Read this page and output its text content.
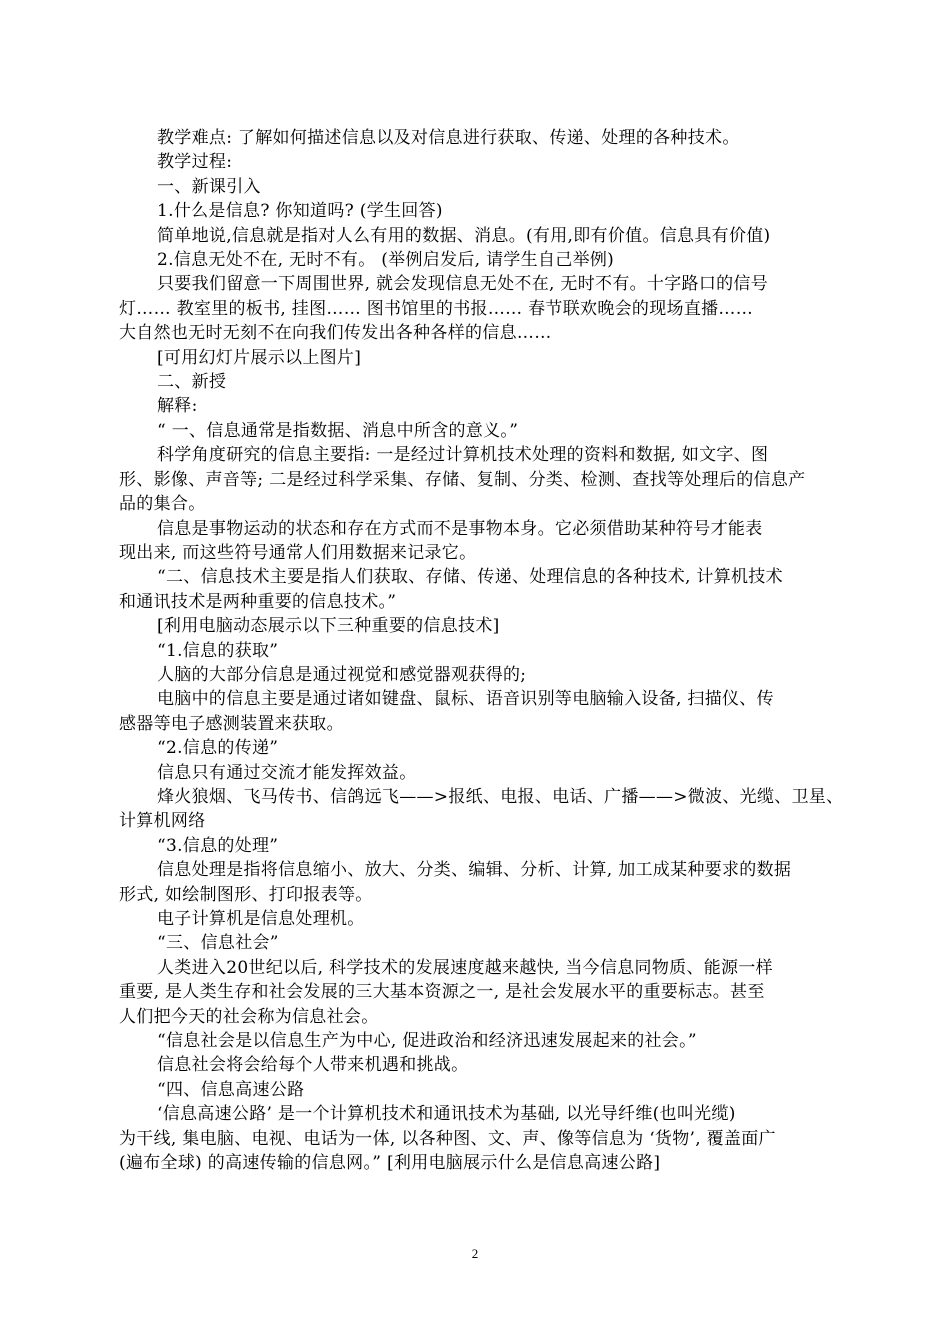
教学难点: 了解如何描述信息以及对信息进行获取、传递、处理的各种技术。
教学过程:
一、新课引入
1.什么是信息? 你知道吗? (学生回答)
简单地说,信息就是指对人么有用的数据、消息。(有用,即有价值。信息具有价值)
2.信息无处不在, 无时不有。 (举例启发后, 请学生自己举例)
只要我们留意一下周围世界, 就会发现信息无处不在, 无时不有。十字路口的信号
灯…… 教室里的板书, 挂图…… 图书馆里的书报…… 春节联欢晚会的现场直播……
大自然也无时无刻不在向我们传发出各种各样的信息……
[可用幻灯片展示以上图片]
二、新授
解释:
“ 一、信息通常是指数据、消息中所含的意义。”
科学角度研究的信息主要指: 一是经过计算机技术处理的资料和数据, 如文字、图
形、影像、声音等; 二是经过科学采集、存储、复制、分类、检测、查找等处理后的信息产
品的集合。
信息是事物运动的状态和存在方式而不是事物本身。它必须借助某种符号才能表
现出来, 而这些符号通常人们用数据来记录它。
“二、信息技术主要是指人们获取、存储、传递、处理信息的各种技术, 计算机技术
和通讯技术是两种重要的信息技术。”
[利用电脑动态展示以下三种重要的信息技术]
“1.信息的获取”
人脑的大部分信息是通过视觉和感觉器观获得的;
电脑中的信息主要是通过诸如键盘、鼠标、语音识别等电脑输入设备, 扫描仪、传
感器等电子感测装置来获取。
“2.信息的传递”
信息只有通过交流才能发挥效益。
烽火狼烟、飞马传书、信鸽远飞——>报纸、电报、电话、广播——>微波、光缆、卫星、
计算机网络
“3.信息的处理”
信息处理是指将信息缩小、放大、分类、编辑、分析、计算, 加工成某种要求的数据
形式, 如绘制图形、打印报表等。
电子计算机是信息处理机。
“三、信息社会”
人类进入20世纪以后, 科学技术的发展速度越来越快, 当今信息同物质、能源一样
重要, 是人类生存和社会发展的三大基本资源之一, 是社会发展水平的重要标志。甚至
人们把今天的社会称为信息社会。
“信息社会是以信息生产为中心, 促进政治和经济迅速发展起来的社会。”
信息社会将会给每个人带来机遇和挑战。
“四、信息高速公路
‘信息高速公路’ 是一个计算机技术和通讯技术为基础, 以光导纤维(也叫光缆)
为干线, 集电脑、电视、电话为一体, 以各种图、文、声、像等信息为 ‘货物’, 覆盖面广
(遍布全球) 的高速传输的信息网。” [利用电脑展示什么是信息高速公路]
2
